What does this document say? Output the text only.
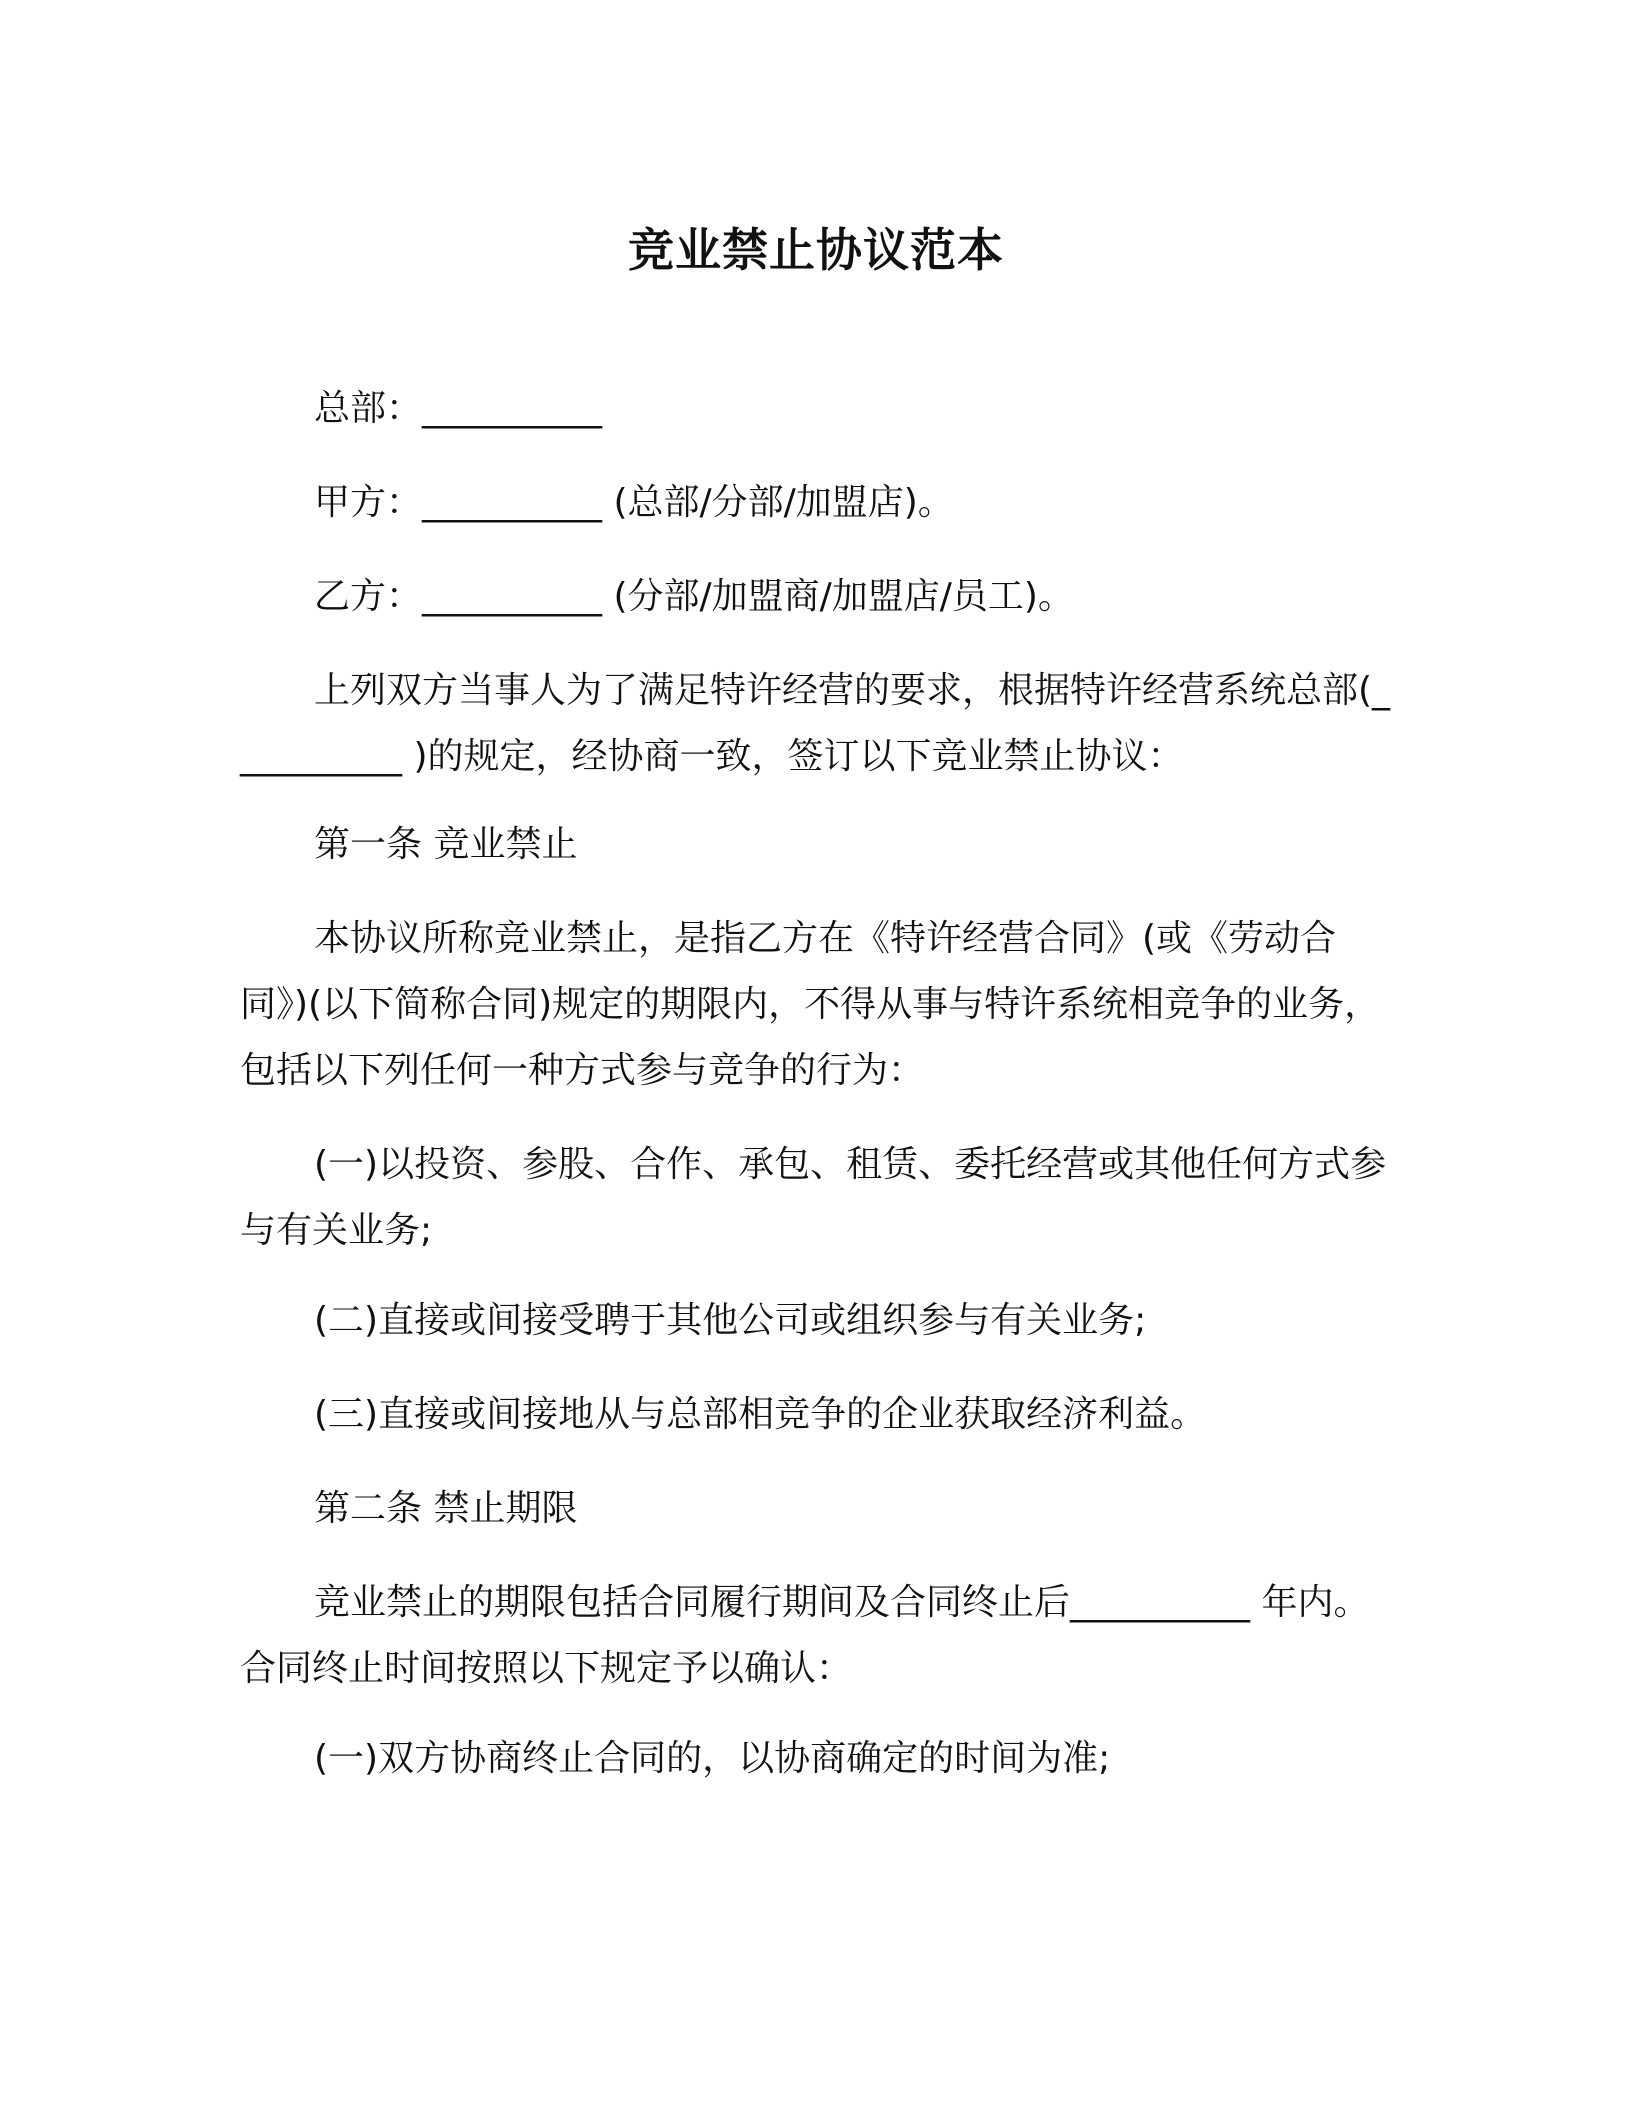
竞业禁止协议范本
总部：__________
甲方：__________ (总部/分部/加盟店)。
乙方：__________ (分部/加盟商/加盟店/员工)。
上列双方当事人为了满足特许经营的要求，根据特许经营系统总部(__________ )的规定，经协商一致，签订以下竞业禁止协议：
第一条 竞业禁止
本协议所称竞业禁止，是指乙方在《特许经营合同》(或《劳动合同》)(以下简称合同)规定的期限内，不得从事与特许系统相竞争的业务，包括以下列任何一种方式参与竞争的行为：
(一)以投资、参股、合作、承包、租赁、委托经营或其他任何方式参与有关业务;
(二)直接或间接受聘于其他公司或组织参与有关业务;
(三)直接或间接地从与总部相竞争的企业获取经济利益。
第二条 禁止期限
竞业禁止的期限包括合同履行期间及合同终止后__________ 年内。合同终止时间按照以下规定予以确认：
(一)双方协商终止合同的，以协商确定的时间为准;
